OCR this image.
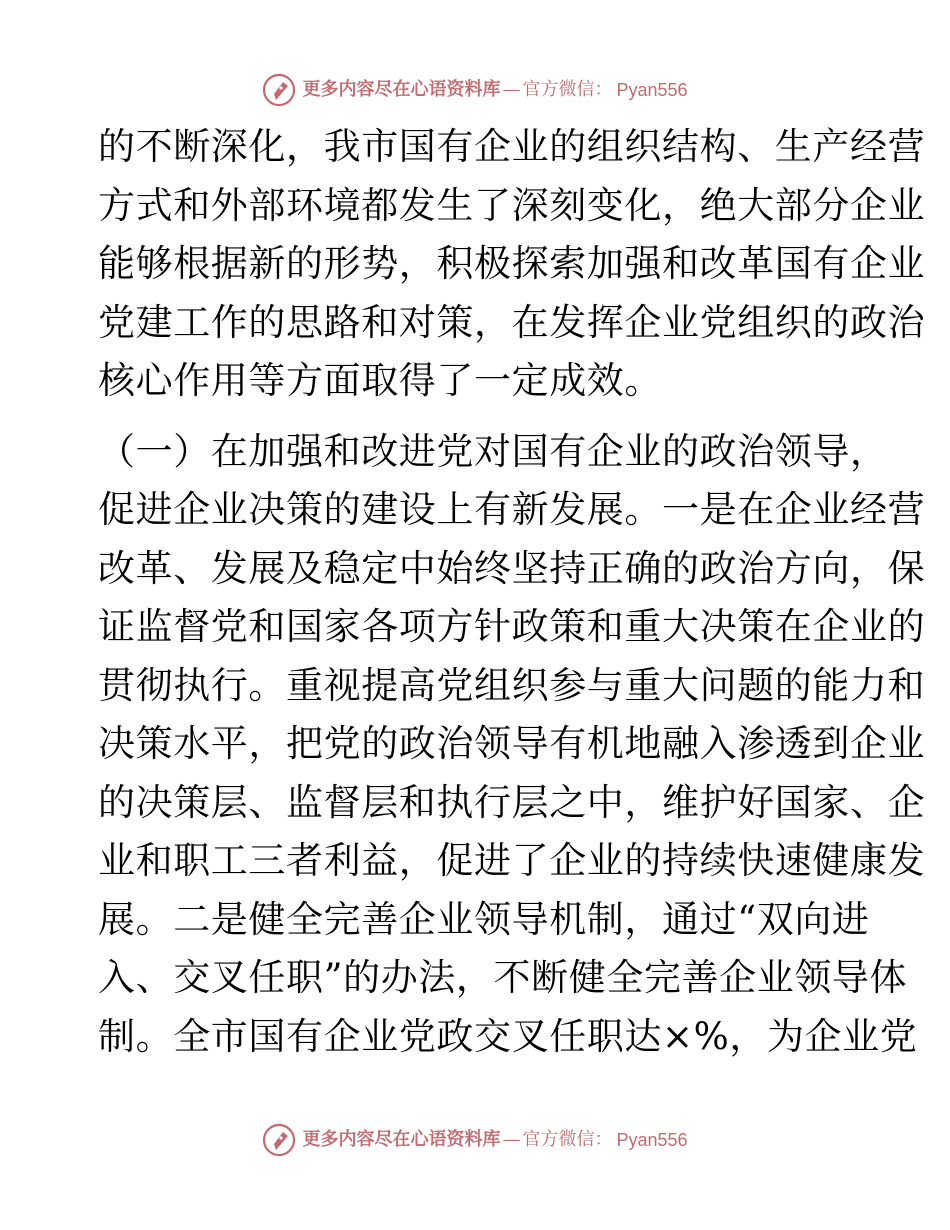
更多内容尽在心语资料库 — 官方微信 ： Pyan556
的不断深化，我市国有企业的组织结构、生产经营
方式和外部环境都发生了深刻变化，绝大部分企业
能够根据新的形势，积极探索加强和改革国有企业
党建工作的思路和对策，在发挥企业党组织的政治
核心作用等方面取得了一定成效。
（一）在加强和改进党对国有企业的政治领导，
促进企业决策的建设上有新发展。一是在企业经营
改革、发展及稳定中始终坚持正确的政治方向，保
证监督党和国家各项方针政策和重大决策在企业的
贯彻执行。重视提高党组织参与重大问题的能力和
决策水平，把党的政治领导有机地融入渗透到企业
的决策层、监督层和执行层之中，维护好国家、企
业和职工三者利益，促进了企业的持续快速健康发
展。二是健全完善企业领导机制，通过“双向进
入、交叉任职”的办法，不断健全完善企业领导体
制。全市国有企业党政交叉任职达×%，为企业党
更多内容尽在心语资料库 — 官方微信 ： Pyan556
